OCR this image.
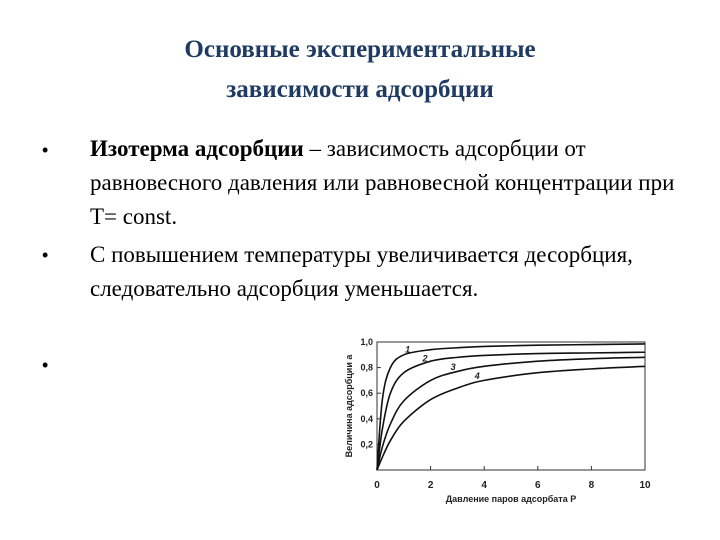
Основные экспериментальные
зависимости адсорбции
• Изотерма адсорбции – зависимость адсорбции от равновесного давления или равновесной концентрации при T= const.
• С повышением температуры увеличивается десорбция, следовательно адсорбция уменьшается.
•
0	2	4	6	8	10
0,2
0,4
0,6
0,8
1,0
Давление паров адсорбата P
Величина адсорбции a
1
2
3
4
